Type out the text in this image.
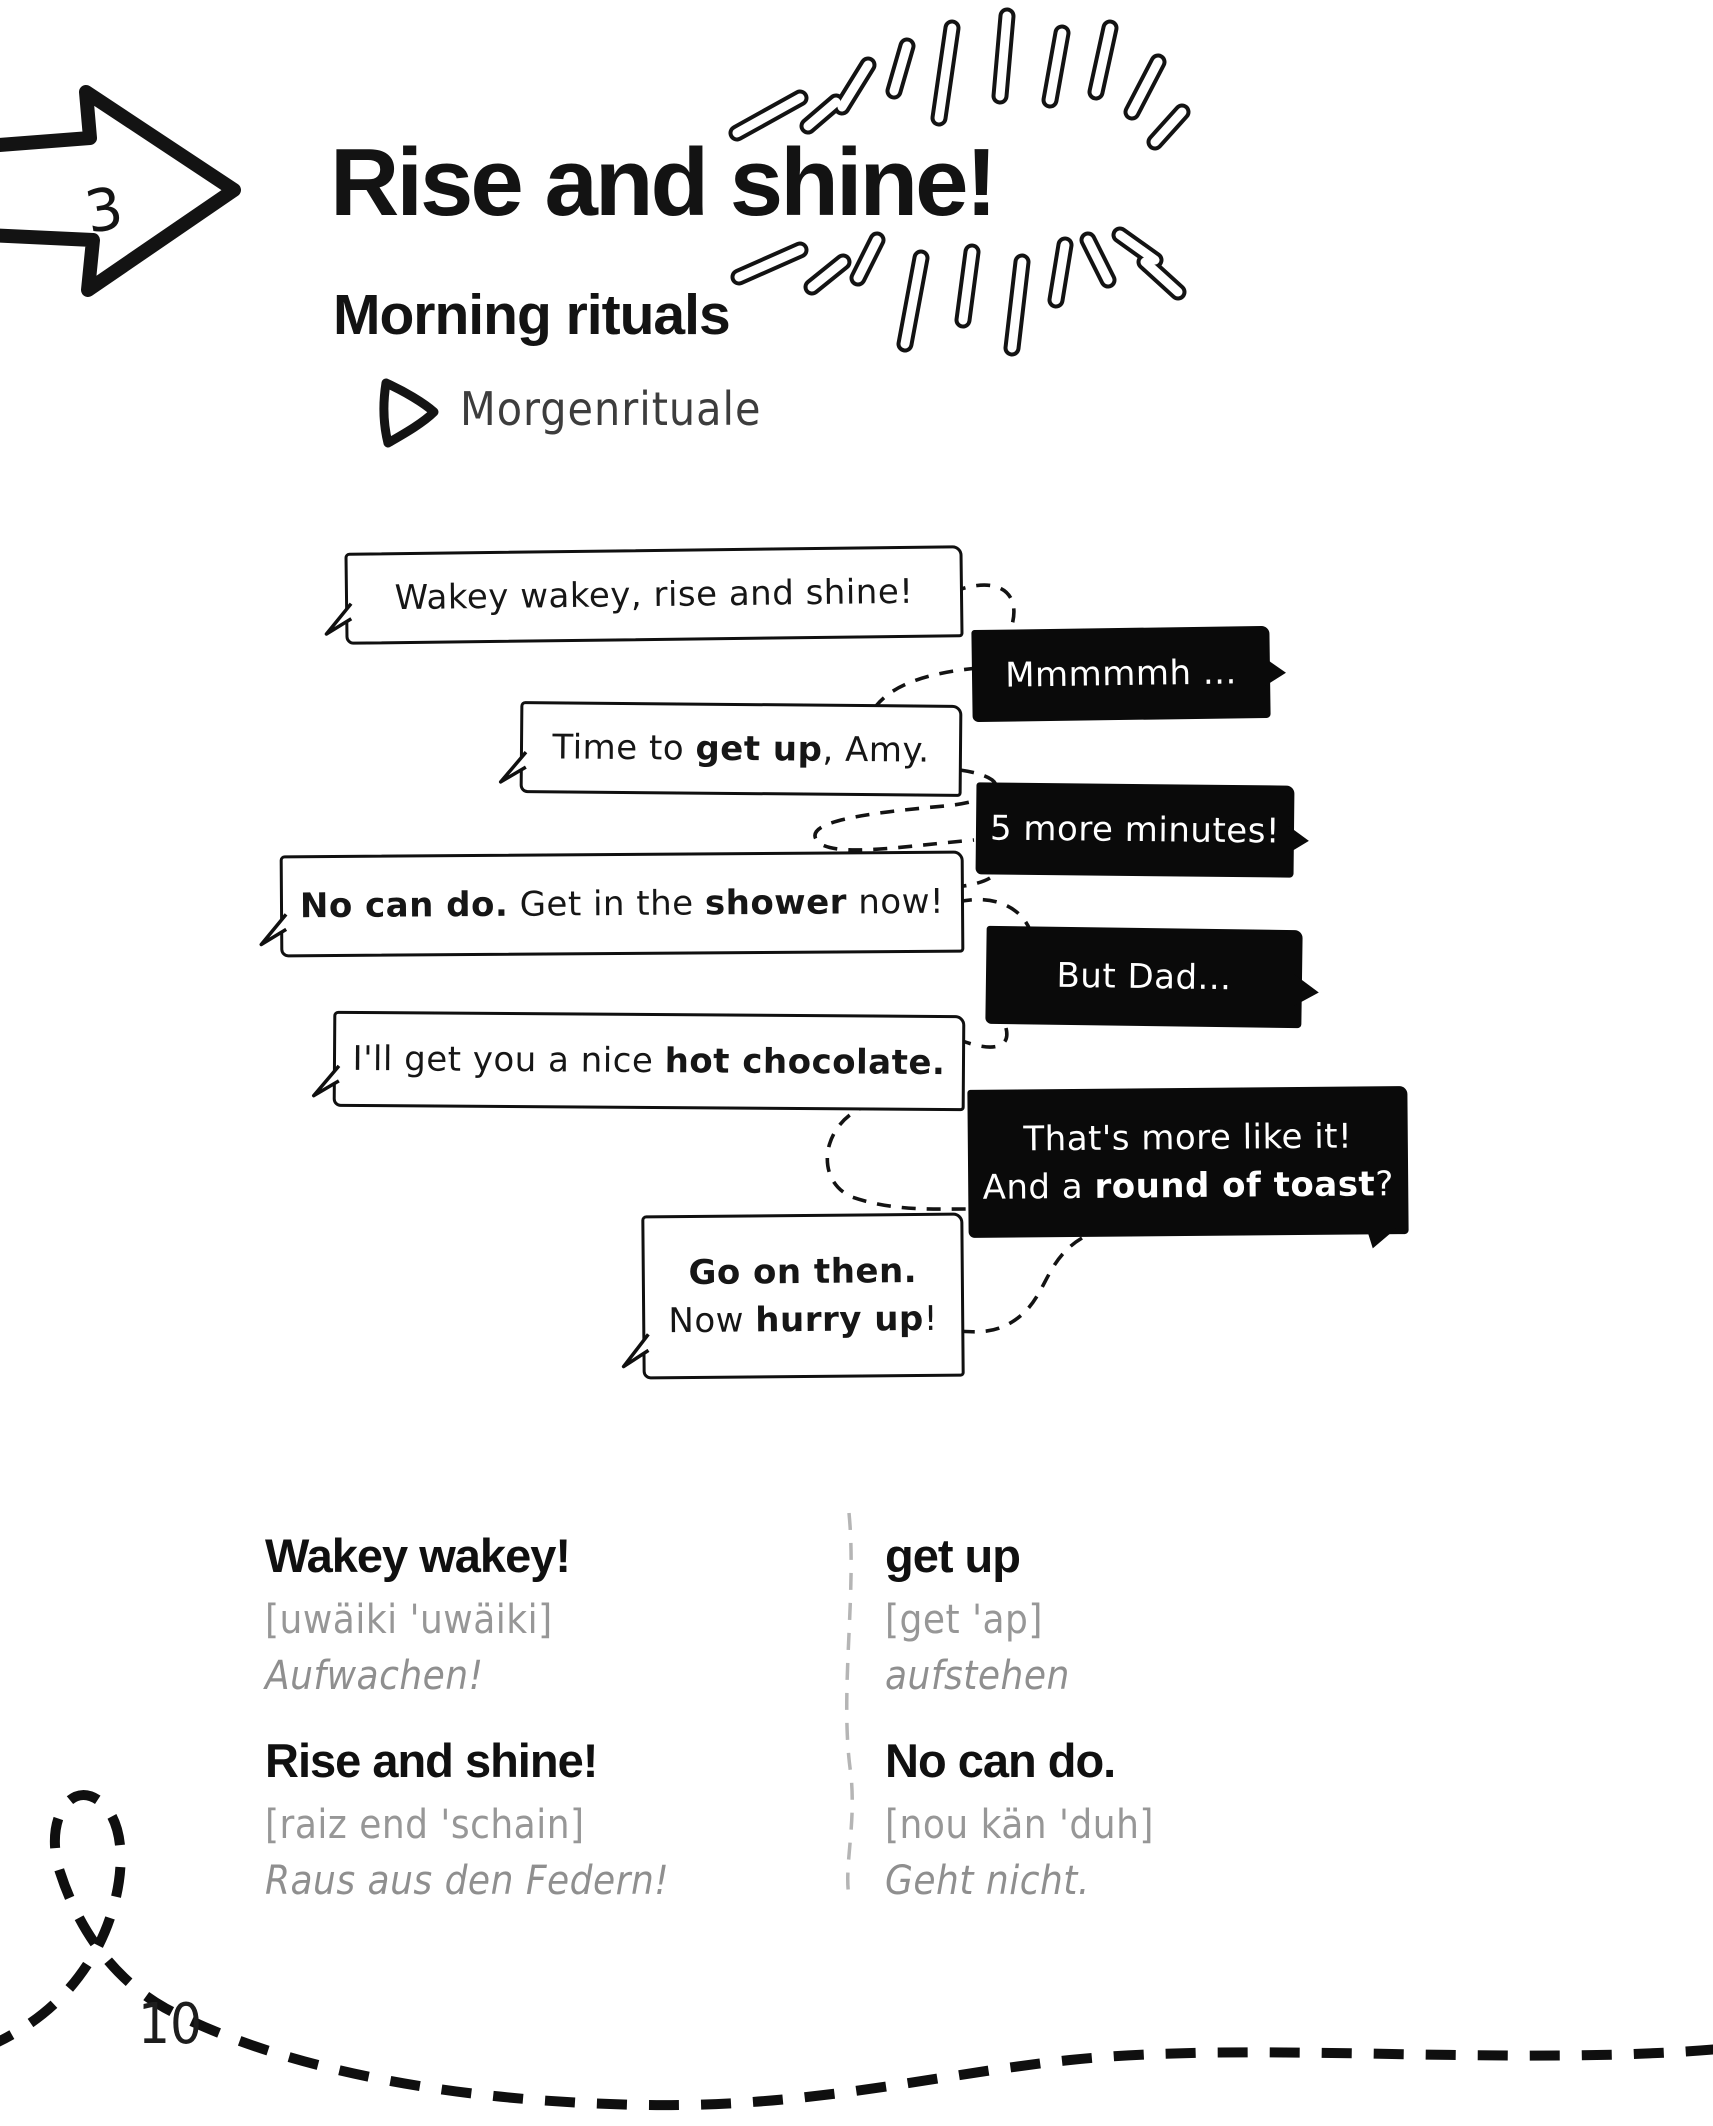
3 Rise and shine!
Morning rituals
Morgenrituale
Wakey wakey, rise and shine!
Mmmmmh ...
Time to get up, Amy.
5 more minutes!
No can do. Get in the shower now!
But Dad...
I'll get you a nice hot chocolate.
That's more like it!
And a round of toast?
Go on then.
Now hurry up!
Wakey wakey!
[uwäiki 'uwäiki]
Aufwachen!
get up
[get 'ap]
aufstehen
Rise and shine!
[raiz end 'schain]
Raus aus den Federn!
No can do.
[nou kän 'duh]
Geht nicht.
10
